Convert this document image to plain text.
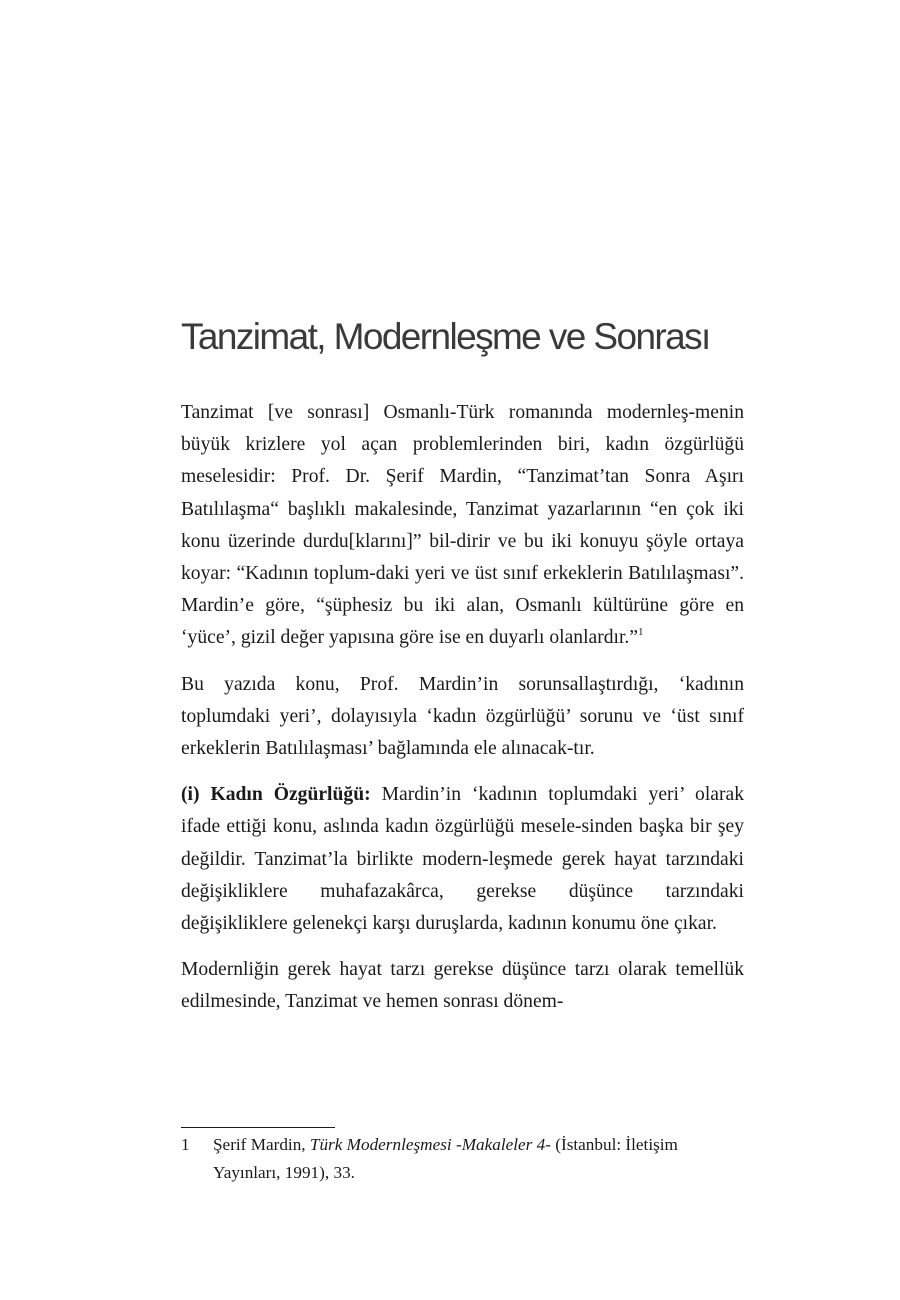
Tanzimat, Modernleşme ve Sonrası

Tanzimat [ve sonrası] Osmanlı-Türk romanında modernleş-menin büyük krizlere yol açan problemlerinden biri, kadın özgürlüğü meselesidir: Prof. Dr. Şerif Mardin, “Tanzimat’tan Sonra Aşırı Batılılaşma“ başlıklı makalesinde, Tanzimat yazarlarının “en çok iki konu üzerinde durdu[klarını]” bil-dirir ve bu iki konuyu şöyle ortaya koyar: “Kadının toplum-daki yeri ve üst sınıf erkeklerin Batılılaşması”. Mardin’e göre, “şüphesiz bu iki alan, Osmanlı kültürüne göre en ‘yüce’, gizil değer yapısına göre ise en duyarlı olanlardır.”$^1$

Bu yazıda konu, Prof. Mardin’in sorunsallaştırdığı, ‘kadının toplumdaki yeri’, dolayısıyla ‘kadın özgürlüğü’ sorunu ve ‘üst sınıf erkeklerin Batılılaşması’ bağlamında ele alınacak-tır.

(i) Kadın Özgürlüğü: Mardin’in ‘kadının toplumdaki yeri’ olarak ifade ettiği konu, aslında kadın özgürlüğü mesele-sinden başka bir şey değildir. Tanzimat’la birlikte modern-leşmede gerek hayat tarzındaki değişikliklere muhafazakârca, gerekse düşünce tarzındaki değişikliklere gelenekçi karşı duruşlarda, kadının konumu öne çıkar.

Modernliğin gerek hayat tarzı gerekse düşünce tarzı olarak temellük edilmesinde, Tanzimat ve hemen sonrası dönem-

1 Şerif Mardin, Türk Modernleşmesi -Makaleler 4- (İstanbul: İletişim Yayınları, 1991), 33.
